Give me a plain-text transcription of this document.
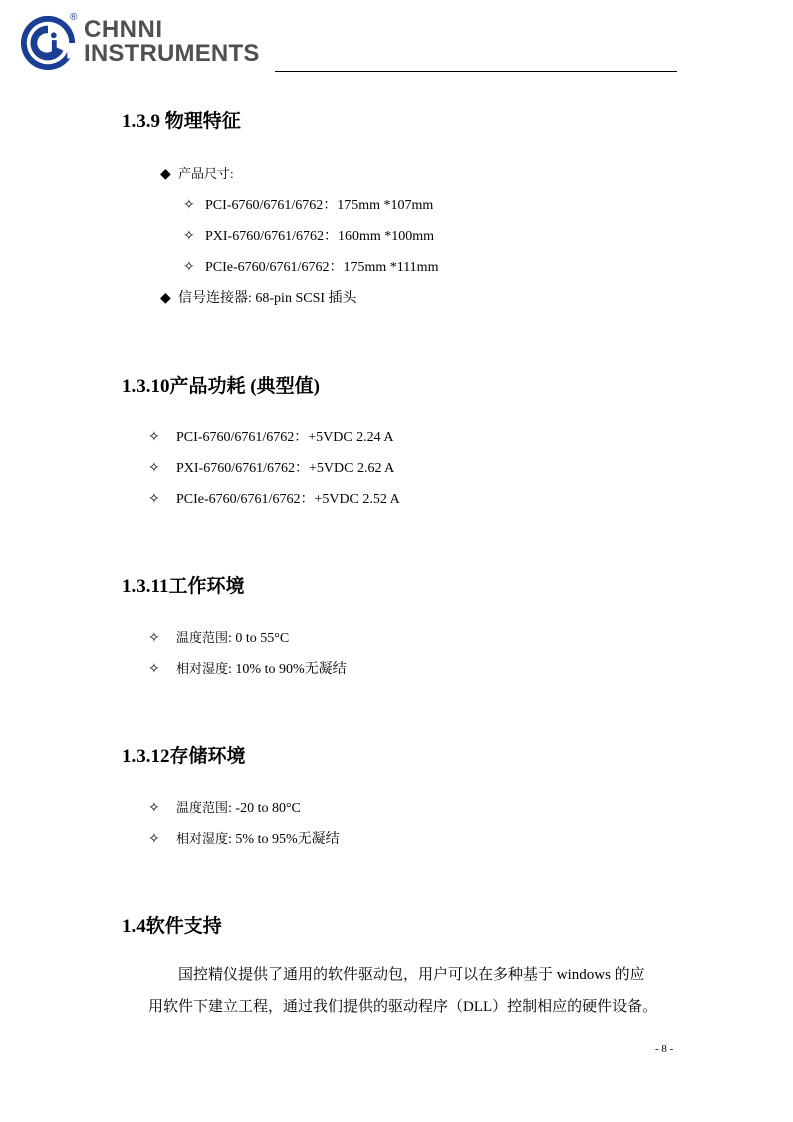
® CHNNI
INSTRUMENTS
1.3.9 物理特征
◆ 产品尺寸:
✧ PCI-6760/6761/6762：175mm *107mm
✧ PXI-6760/6761/6762：160mm *100mm
✧ PCIe-6760/6761/6762：175mm *111mm
◆ 信号连接器: 68-pin SCSI 插头
1.3.10产品功耗 (典型值)
✧ PCI-6760/6761/6762：+5VDC 2.24 A
✧ PXI-6760/6761/6762：+5VDC 2.62 A
✧ PCIe-6760/6761/6762：+5VDC 2.52 A
1.3.11工作环境
✧ 温度范围: 0 to 55°C
✧ 相对湿度: 10% to 90%无凝结
1.3.12存储环境
✧ 温度范围: -20 to 80°C
✧ 相对湿度: 5% to 95%无凝结
1.4软件支持

国控精仪提供了通用的软件驱动包，用户可以在多种基于 windows 的应

用软件下建立工程，通过我们提供的驱动程序（DLL）控制相应的硬件设备。

- 8 -
